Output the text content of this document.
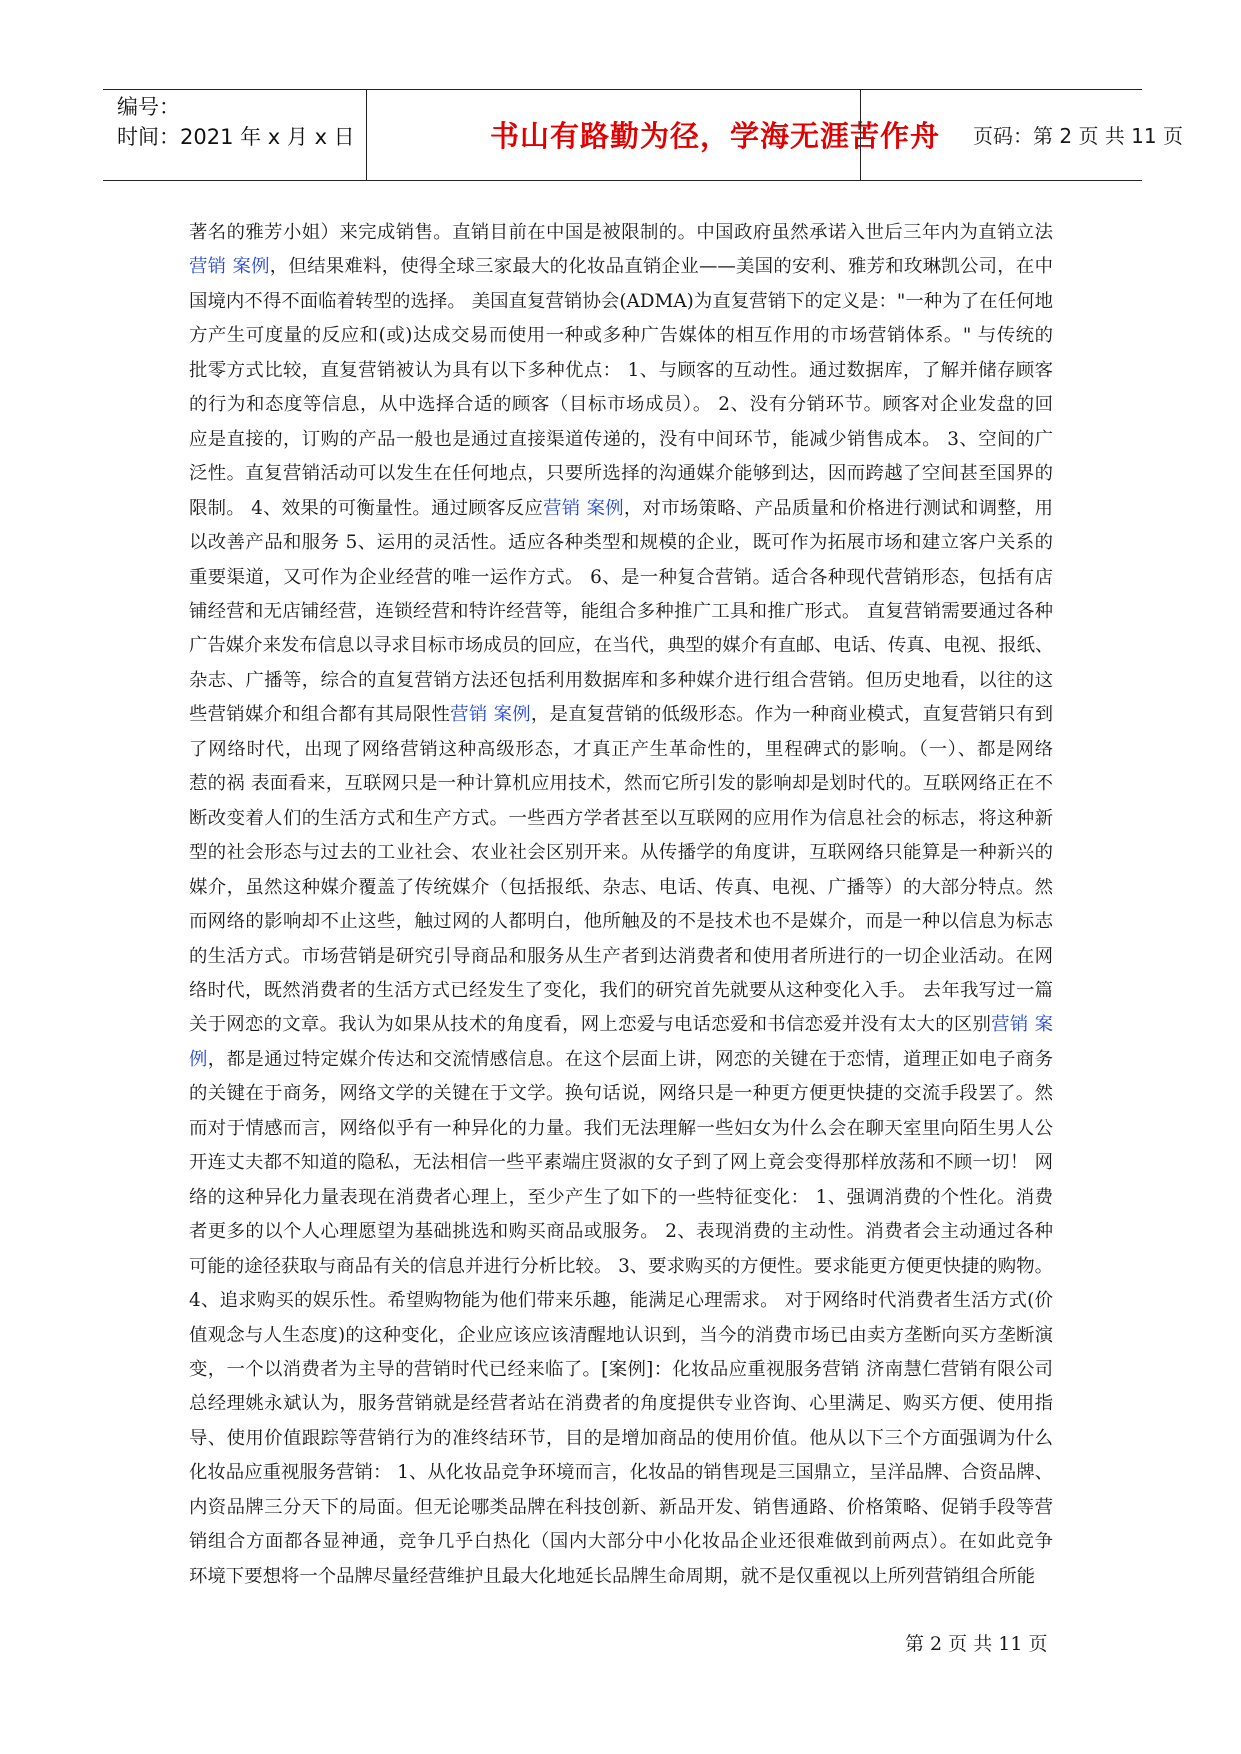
编号：
时间：2021 年 x 月 x 日	书山有路勤为径，学海无涯苦作舟	页码：第 2 页 共 11 页

著名的雅芳小姐）来完成销售。直销目前在中国是被限制的。中国政府虽然承诺入世后三年内为直销立法

营销 案例，但结果难料，使得全球三家最大的化妆品直销企业——美国的安利、雅芳和玫琳凯公司，在中

国境内不得不面临着转型的选择。 美国直复营销协会(ADMA)为直复营销下的定义是："一种为了在任何地

方产生可度量的反应和(或)达成交易而使用一种或多种广告媒体的相互作用的市场营销体系。" 与传统的

批零方式比较，直复营销被认为具有以下多种优点： 1、与顾客的互动性。通过数据库，了解并储存顾客

的行为和态度等信息，从中选择合适的顾客（目标市场成员）。 2、没有分销环节。顾客对企业发盘的回

应是直接的，订购的产品一般也是通过直接渠道传递的，没有中间环节，能减少销售成本。 3、空间的广

泛性。直复营销活动可以发生在任何地点，只要所选择的沟通媒介能够到达，因而跨越了空间甚至国界的

限制。 4、效果的可衡量性。通过顾客反应营销 案例，对市场策略、产品质量和价格进行测试和调整，用

以改善产品和服务 5、运用的灵活性。适应各种类型和规模的企业，既可作为拓展市场和建立客户关系的

重要渠道，又可作为企业经营的唯一运作方式。 6、是一种复合营销。适合各种现代营销形态，包括有店

铺经营和无店铺经营，连锁经营和特许经营等，能组合多种推广工具和推广形式。 直复营销需要通过各种

广告媒介来发布信息以寻求目标市场成员的回应，在当代，典型的媒介有直邮、电话、传真、电视、报纸、

杂志、广播等，综合的直复营销方法还包括利用数据库和多种媒介进行组合营销。但历史地看，以往的这

些营销媒介和组合都有其局限性营销 案例，是直复营销的低级形态。作为一种商业模式，直复营销只有到

了网络时代，出现了网络营销这种高级形态，才真正产生革命性的，里程碑式的影响。（一）、都是网络

惹的祸 表面看来，互联网只是一种计算机应用技术，然而它所引发的影响却是划时代的。互联网络正在不

断改变着人们的生活方式和生产方式。一些西方学者甚至以互联网的应用作为信息社会的标志，将这种新

型的社会形态与过去的工业社会、农业社会区别开来。从传播学的角度讲，互联网络只能算是一种新兴的

媒介，虽然这种媒介覆盖了传统媒介（包括报纸、杂志、电话、传真、电视、广播等）的大部分特点。然

而网络的影响却不止这些，触过网的人都明白，他所触及的不是技术也不是媒介，而是一种以信息为标志

的生活方式。市场营销是研究引导商品和服务从生产者到达消费者和使用者所进行的一切企业活动。在网

络时代，既然消费者的生活方式已经发生了变化，我们的研究首先就要从这种变化入手。 去年我写过一篇

关于网恋的文章。我认为如果从技术的角度看，网上恋爱与电话恋爱和书信恋爱并没有太大的区别营销 案

例，都是通过特定媒介传达和交流情感信息。在这个层面上讲，网恋的关键在于恋情，道理正如电子商务

的关键在于商务，网络文学的关键在于文学。换句话说，网络只是一种更方便更快捷的交流手段罢了。然

而对于情感而言，网络似乎有一种异化的力量。我们无法理解一些妇女为什么会在聊天室里向陌生男人公

开连丈夫都不知道的隐私，无法相信一些平素端庄贤淑的女子到了网上竟会变得那样放荡和不顾一切！ 网

络的这种异化力量表现在消费者心理上，至少产生了如下的一些特征变化： 1、强调消费的个性化。消费

者更多的以个人心理愿望为基础挑选和购买商品或服务。 2、表现消费的主动性。消费者会主动通过各种

可能的途径获取与商品有关的信息并进行分析比较。 3、要求购买的方便性。要求能更方便更快捷的购物。

4、追求购买的娱乐性。希望购物能为他们带来乐趣，能满足心理需求。 对于网络时代消费者生活方式(价

值观念与人生态度)的这种变化，企业应该应该清醒地认识到，当今的消费市场已由卖方垄断向买方垄断演

变，一个以消费者为主导的营销时代已经来临了。[案例]：化妆品应重视服务营销 济南慧仁营销有限公司

总经理姚永斌认为，服务营销就是经营者站在消费者的角度提供专业咨询、心里满足、购买方便、使用指

导、使用价值跟踪等营销行为的准终结环节，目的是增加商品的使用价值。他从以下三个方面强调为什么

化妆品应重视服务营销： 1、从化妆品竞争环境而言，化妆品的销售现是三国鼎立，呈洋品牌、合资品牌、

内资品牌三分天下的局面。但无论哪类品牌在科技创新、新品开发、销售通路、价格策略、促销手段等营

销组合方面都各显神通，竞争几乎白热化（国内大部分中小化妆品企业还很难做到前两点）。在如此竞争

环境下要想将一个品牌尽量经营维护且最大化地延长品牌生命周期，就不是仅重视以上所列营销组合所能

第 2 页 共 11 页
